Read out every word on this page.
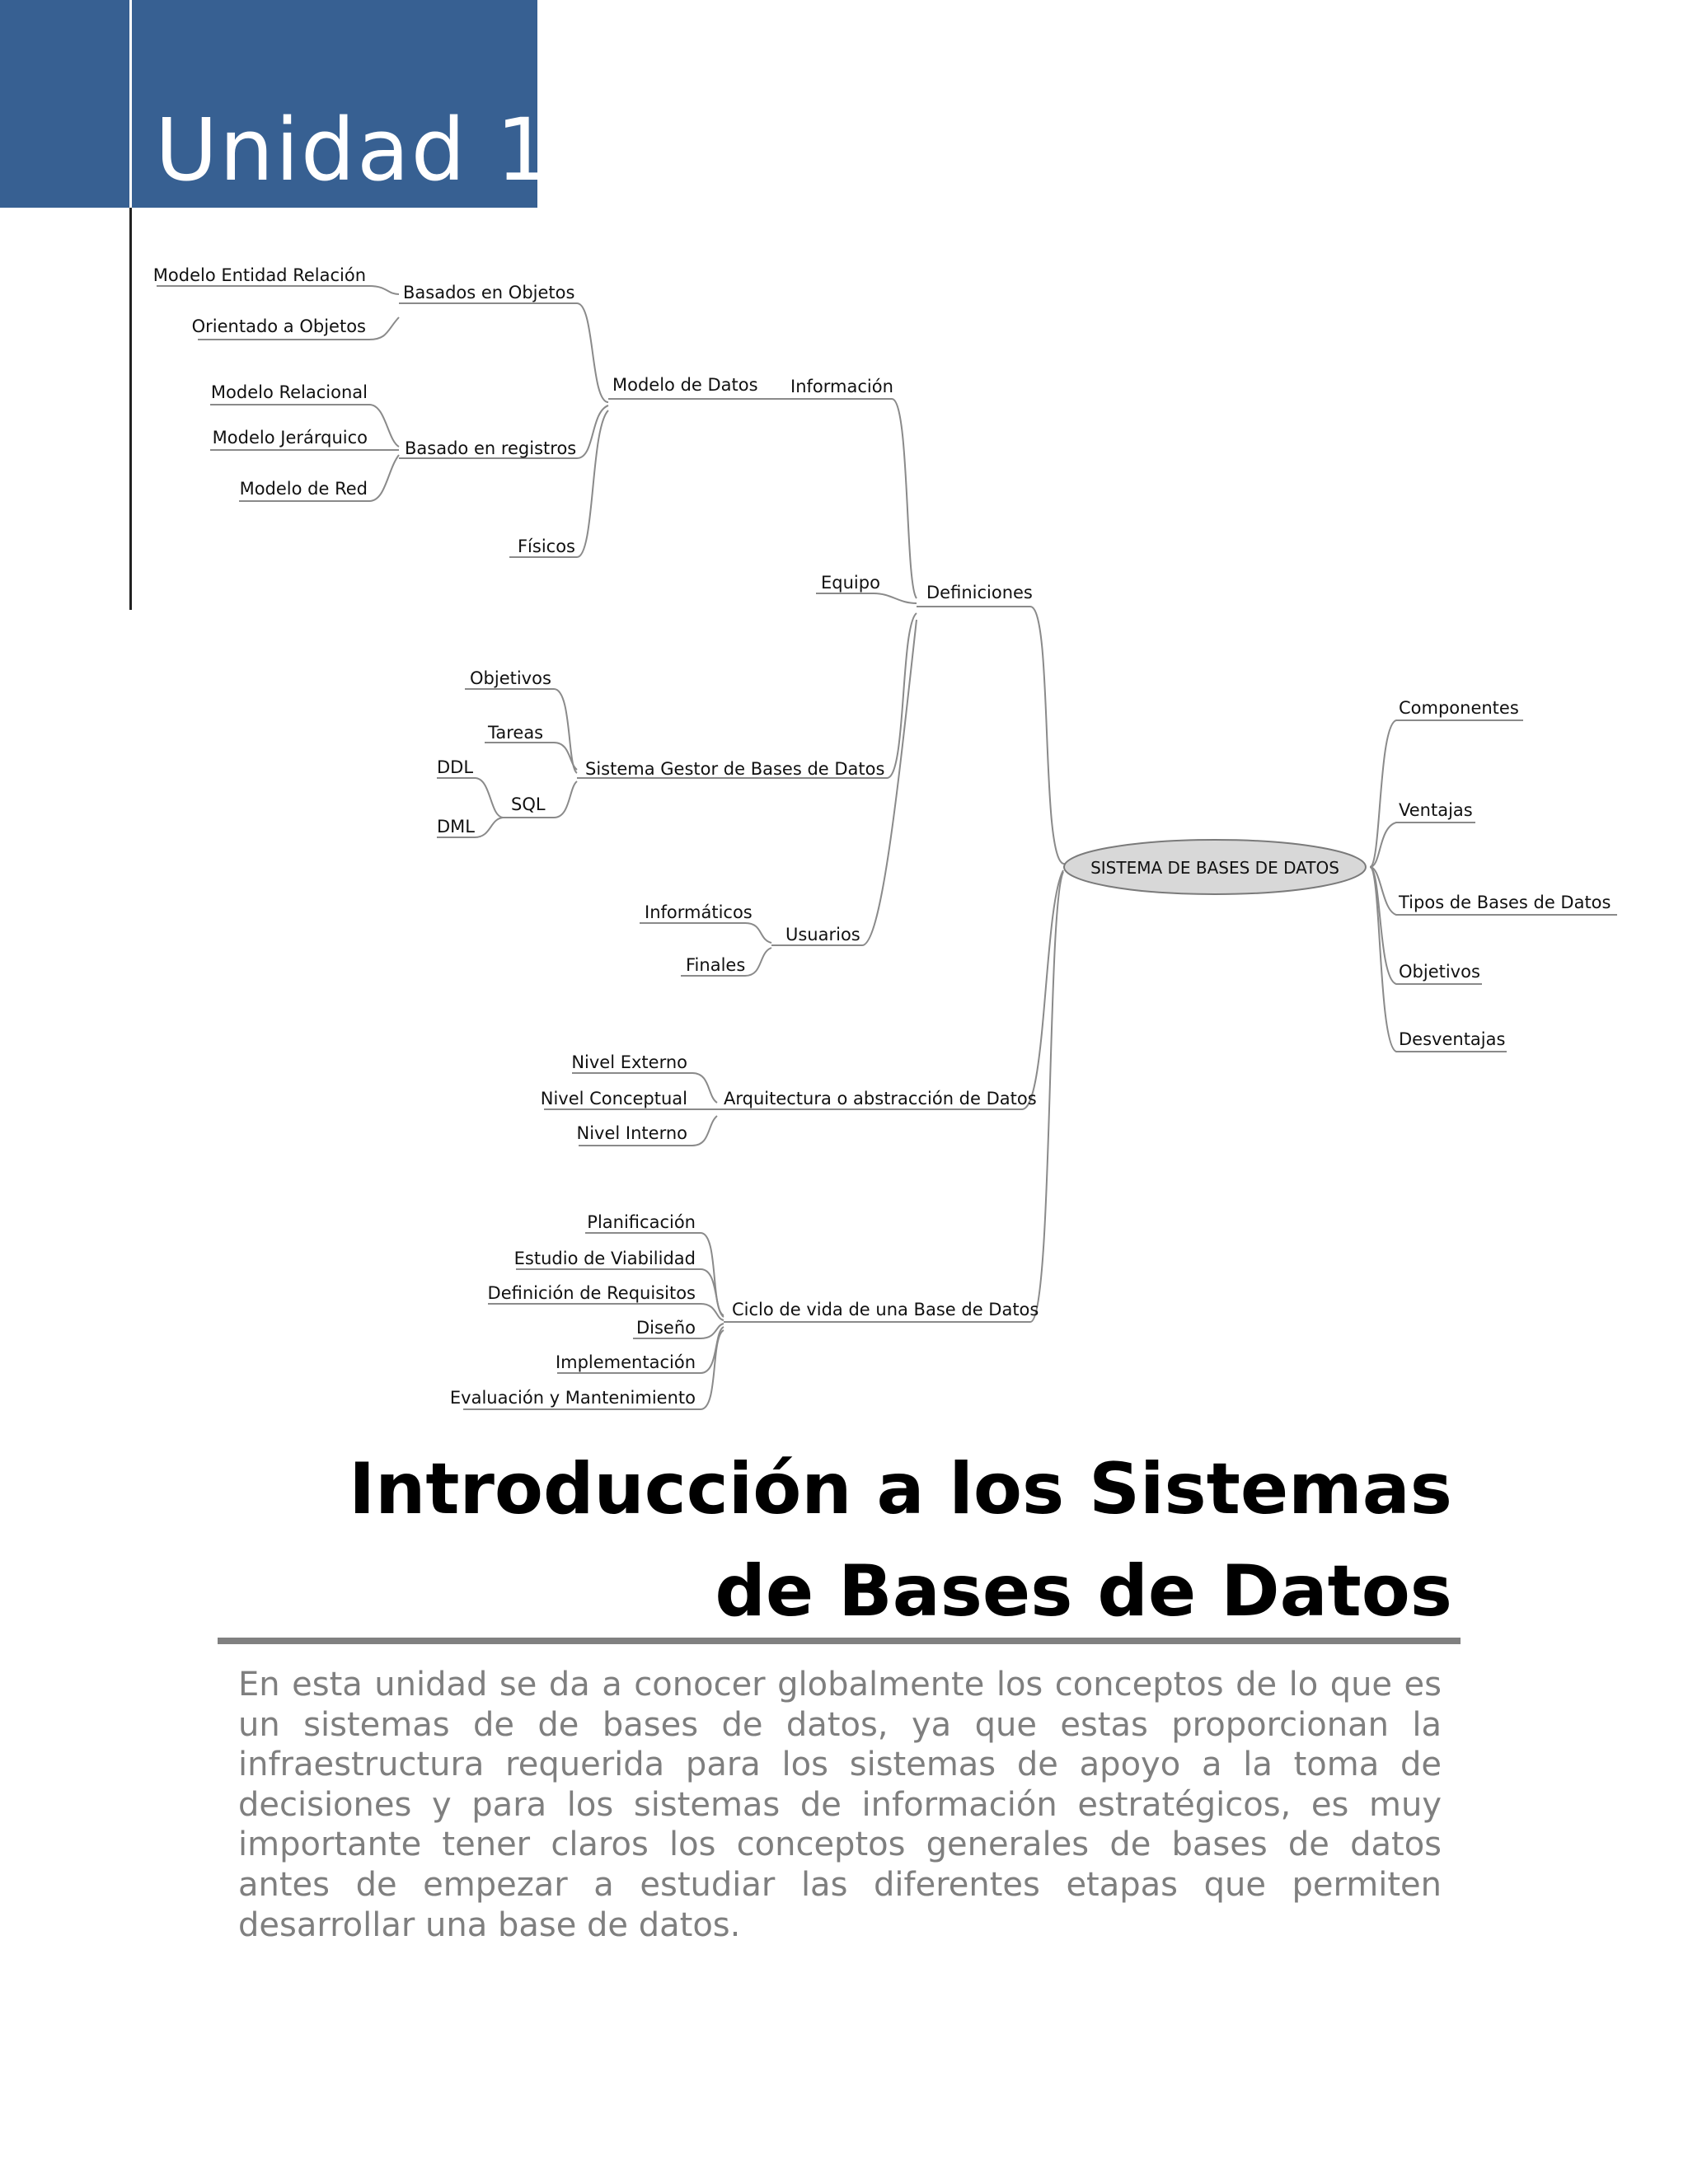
Unidad 1
SISTEMA DE BASES DE DATOS
Componentes
Ventajas
Tipos de Bases de Datos
Objetivos
Desventajas
Definiciones
Información
Modelo de Datos
Basados en Objetos
Modelo Entidad Relación
Orientado a Objetos
Basado en registros
Modelo Relacional
Modelo Jerárquico
Modelo de Red
Físicos
Equipo
Sistema Gestor de Bases de Datos
Objetivos
Tareas
SQL
DDL
DML
Usuarios
Informáticos
Finales
Arquitectura o abstracción de Datos
Nivel Externo
Nivel Conceptual
Nivel Interno
Ciclo de vida de una Base de Datos
Planificación
Estudio de Viabilidad
Definición de Requisitos
Diseño
Implementación
Evaluación y Mantenimiento
Introducción a los Sistemas
de Bases de Datos

En esta unidad se da a conocer globalmente los conceptos de lo que es un sistemas de de bases de datos, ya que estas proporcionan la infraestructura requerida para los sistemas de apoyo a la toma de decisiones y para los sistemas de información estratégicos, es muy importante tener claros los conceptos generales de bases de datos antes de empezar a estudiar las diferentes etapas que permiten desarrollar una base de datos.
